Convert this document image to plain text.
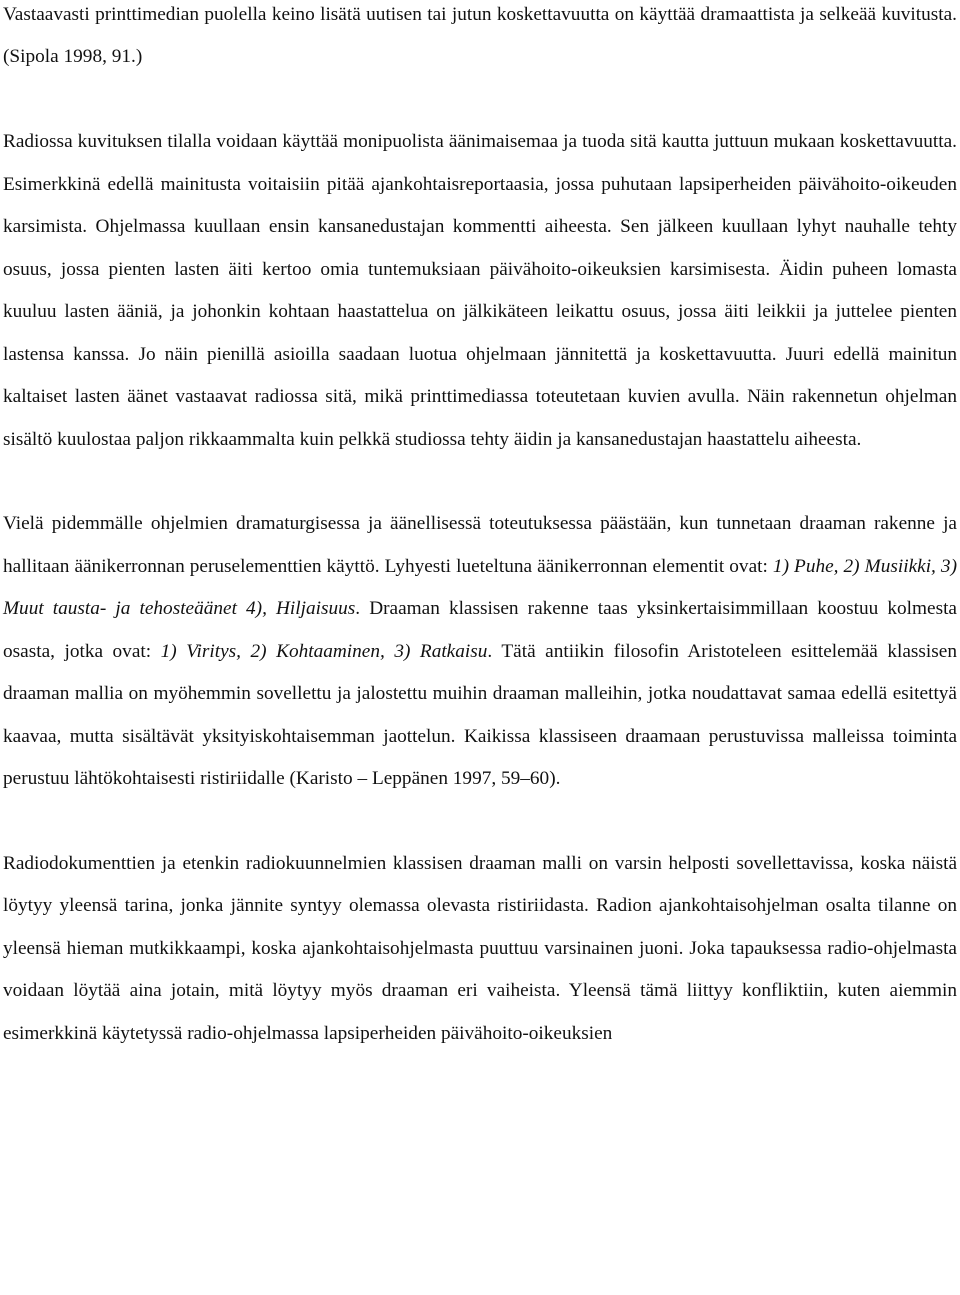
Vastaavasti printtimedian puolella keino lisätä uutisen tai jutun koskettavuutta on käyttää dramaattista ja selkeää kuvitusta. (Sipola 1998, 91.)

Radiossa kuvituksen tilalla voidaan käyttää monipuolista äänimaisemaa ja tuoda sitä kautta juttuun mukaan koskettavuutta. Esimerkkinä edellä mainitusta voitaisiin pitää ajankohtaisreportaasia, jossa puhutaan lapsiperheiden päivähoito-oikeuden karsimista. Ohjelmassa kuullaan ensin kansanedustajan kommentti aiheesta. Sen jälkeen kuullaan lyhyt nauhalle tehty osuus, jossa pienten lasten äiti kertoo omia tuntemuksiaan päivähoito-oikeuksien karsimisesta. Äidin puheen lomasta kuuluu lasten ääniä, ja johonkin kohtaan haastattelua on jälkikäteen leikattu osuus, jossa äiti leikkii ja juttelee pienten lastensa kanssa. Jo näin pienillä asioilla saadaan luotua ohjelmaan jännitettä ja koskettavuutta. Juuri edellä mainitun kaltaiset lasten äänet vastaavat radiossa sitä, mikä printtimediassa toteutetaan kuvien avulla. Näin rakennetun ohjelman sisältö kuulostaa paljon rikkaammalta kuin pelkkä studiossa tehty äidin ja kansanedustajan haastattelu aiheesta.

Vielä pidemmälle ohjelmien dramaturgisessa ja äänellisessä toteutuksessa päästään, kun tunnetaan draaman rakenne ja hallitaan äänikerronnan peruselementtien käyttö. Lyhyesti lueteltuna äänikerronnan elementit ovat: 1) Puhe, 2) Musiikki, 3) Muut tausta- ja tehosteäänet 4), Hiljaisuus. Draaman klassisen rakenne taas yksinkertaisimmillaan koostuu kolmesta osasta, jotka ovat: 1) Viritys, 2) Kohtaaminen, 3) Ratkaisu. Tätä antiikin filosofin Aristoteleen esittelemää klassisen draaman mallia on myöhemmin sovellettu ja jalostettu muihin draaman malleihin, jotka noudattavat samaa edellä esitettyä kaavaa, mutta sisältävät yksityiskohtaisemman jaottelun. Kaikissa klassiseen draamaan perustuvissa malleissa toiminta perustuu lähtökohtaisesti ristiriidalle (Karisto – Leppänen 1997, 59–60).

Radiodokumenttien ja etenkin radiokuunnelmien klassisen draaman malli on varsin helposti sovellettavissa, koska näistä löytyy yleensä tarina, jonka jännite syntyy olemassa olevasta ristiriidasta. Radion ajankohtaisohjelman osalta tilanne on yleensä hieman mutkikkaampi, koska ajankohtaisohjelmasta puuttuu varsinainen juoni. Joka tapauksessa radio-ohjelmasta voidaan löytää aina jotain, mitä löytyy myös draaman eri vaiheista. Yleensä tämä liittyy konfliktiin, kuten aiemmin esimerkkinä käytetyssä radio-ohjelmassa lapsiperheiden päivähoito-oikeuksien
